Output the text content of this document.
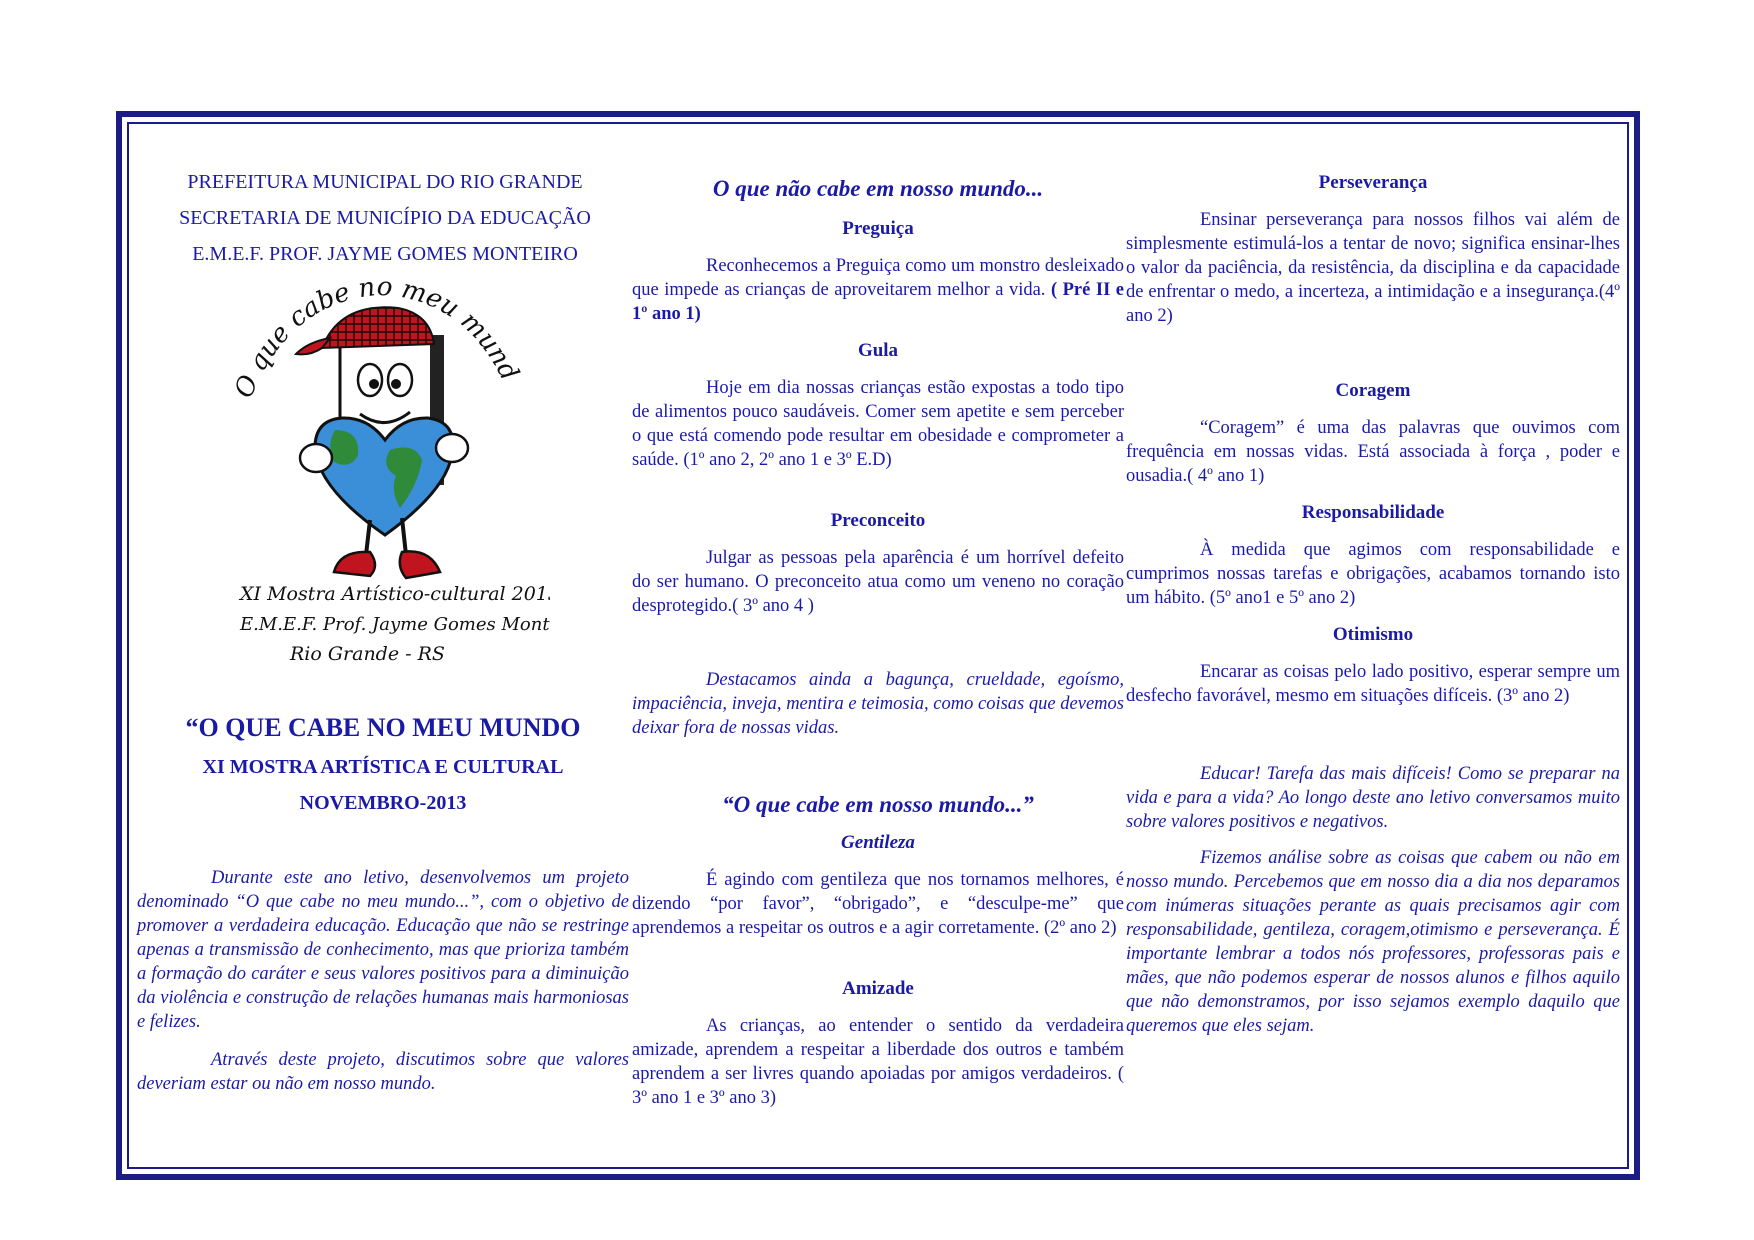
PREFEITURA MUNICIPAL DO RIO GRANDE
SECRETARIA DE MUNICÍPIO DA EDUCAÇÃO
E.M.E.F. PROF. JAYME GOMES MONTEIRO
O que cabe no meu mund
XI Mostra Artístico-cultural 2013
E.M.E.F. Prof. Jayme Gomes Mont
Rio Grande - RS
“O QUE CABE NO MEU MUNDO
XI MOSTRA ARTÍSTICA E CULTURAL
NOVEMBRO-2013

Durante este ano letivo, desenvolvemos um projeto denominado “O que cabe no meu mundo...”, com o objetivo de promover a verdadeira educação. Educação que não se restringe apenas a transmissão de conhecimento, mas que prioriza também a formação do caráter e seus valores positivos para a diminuição da violência e construção de relações humanas mais harmoniosas e felizes.

Através deste projeto, discutimos sobre que valores deveriam estar ou não em nosso mundo.

O que não cabe em nosso mundo...
Preguiça

Reconhecemos a Preguiça como um monstro desleixado que impede as crianças de aproveitarem melhor a vida. ( Pré II e 1º ano 1)

Gula

Hoje em dia nossas crianças estão expostas a todo tipo de alimentos pouco saudáveis. Comer sem apetite e sem perceber o que está comendo pode resultar em obesidade e comprometer a saúde. (1º ano 2, 2º ano 1 e 3º E.D)

Preconceito

Julgar as pessoas pela aparência é um horrível defeito do ser humano. O preconceito atua como um veneno no coração desprotegido.( 3º ano 4 )

Destacamos ainda a bagunça, crueldade, egoísmo, impaciência, inveja, mentira e teimosia, como coisas que devemos deixar fora de nossas vidas.

“O que cabe em nosso mundo...”
Gentileza

É agindo com gentileza que nos tornamos melhores, é dizendo “por favor”, “obrigado”, e “desculpe-me” que aprendemos a respeitar os outros e a agir corretamente. (2º ano 2)

Amizade

As crianças, ao entender o sentido da verdadeira amizade, aprendem a respeitar a liberdade dos outros e também aprendem a ser livres quando apoiadas por amigos verdadeiros. ( 3º ano 1 e 3º ano 3)

Perseverança

Ensinar perseverança para nossos filhos vai além de simplesmente estimulá-los a tentar de novo; significa ensinar-lhes o valor da paciência, da resistência, da disciplina e da capacidade de enfrentar o medo, a incerteza, a intimidação e a insegurança.(4º ano 2)

Coragem

“Coragem” é uma das palavras que ouvimos com frequência em nossas vidas. Está associada à força , poder e ousadia.( 4º ano 1)

Responsabilidade

À medida que agimos com responsabilidade e cumprimos nossas tarefas e obrigações, acabamos tornando isto um hábito. (5º ano1 e 5º ano 2)

Otimismo

Encarar as coisas pelo lado positivo, esperar sempre um desfecho favorável, mesmo em situações difíceis. (3º ano 2)

Educar! Tarefa das mais difíceis! Como se preparar na vida e para a vida? Ao longo deste ano letivo conversamos muito sobre valores positivos e negativos.

Fizemos análise sobre as coisas que cabem ou não em nosso mundo. Percebemos que em nosso dia a dia nos deparamos com inúmeras situações perante as quais precisamos agir com responsabilidade, gentileza, coragem,otimismo e perseverança. É importante lembrar a todos nós professores, professoras pais e mães, que não podemos esperar de nossos alunos e filhos aquilo que não demonstramos, por isso sejamos exemplo daquilo que queremos que eles sejam.
